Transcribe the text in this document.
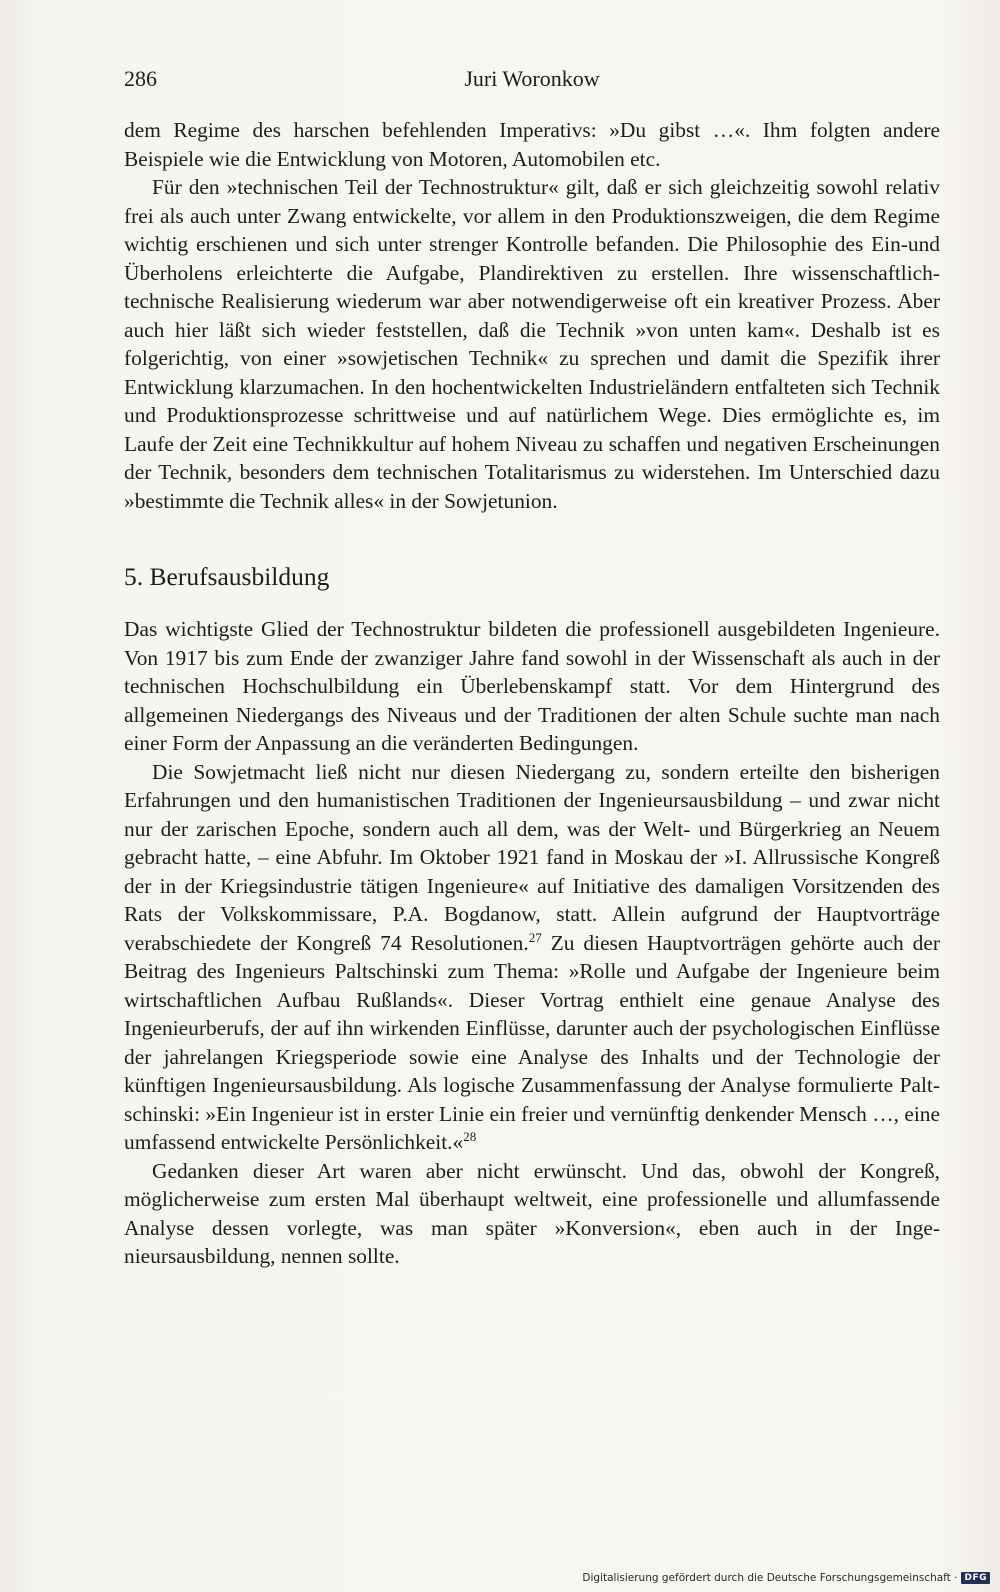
286	Juri Woronkow

dem Regime des harschen befehlenden Imperativs: »Du gibst …«. Ihm folgten andere Beispiele wie die Entwicklung von Motoren, Automobilen etc.

Für den »technischen Teil der Technostruktur« gilt, daß er sich gleichzeitig sowohl relativ frei als auch unter Zwang entwickelte, vor allem in den Produktionszweigen, die dem Regime wichtig erschienen und sich unter strenger Kontrolle befanden. Die Philosophie des Ein-und Überholens erleichterte die Aufgabe, Plandirektiven zu erstellen. Ihre wissenschaftlich-technische Realisierung wiederum war aber notwendigerweise oft ein kreativer Prozess. Aber auch hier läßt sich wieder feststellen, daß die Technik »von unten kam«. Deshalb ist es folgerichtig, von einer »sowjetischen Technik« zu sprechen und damit die Spezifik ihrer Entwicklung klarzumachen. In den hochentwickelten Industrieländern entfalteten sich Technik und Produktionsprozesse schrittweise und auf natürlichem Wege. Dies ermöglichte es, im Laufe der Zeit eine Technikkultur auf hohem Niveau zu schaffen und negativen Erscheinungen der Technik, besonders dem technischen Totalitarismus zu widerstehen. Im Unterschied dazu »bestimmte die Technik alles« in der Sowjetunion.

5. Berufsausbildung

Das wichtigste Glied der Technostruktur bildeten die professionell ausgebildeten Ingenieure. Von 1917 bis zum Ende der zwanziger Jahre fand sowohl in der Wissenschaft als auch in der technischen Hochschulbildung ein Überlebenskampf statt. Vor dem Hintergrund des allgemeinen Niedergangs des Niveaus und der Traditionen der alten Schule suchte man nach einer Form der Anpassung an die veränderten Bedingungen.

Die Sowjetmacht ließ nicht nur diesen Niedergang zu, sondern erteilte den bisherigen Erfahrungen und den humanistischen Traditionen der Ingenieursausbildung – und zwar nicht nur der zarischen Epoche, sondern auch all dem, was der Welt- und Bürgerkrieg an Neuem gebracht hatte, – eine Abfuhr. Im Oktober 1921 fand in Moskau der »I. Allrussische Kongreß der in der Kriegsindustrie tätigen Ingenieure« auf Initiative des damaligen Vorsitzenden des Rats der Volkskommissare, P.A. Bogdanow, statt. Allein aufgrund der Hauptvorträge verabschiedete der Kongreß 74 Resolutionen.$^{27}$ Zu diesen Hauptvorträgen gehörte auch der Beitrag des Ingenieurs Paltschinski zum Thema: »Rolle und Aufgabe der Ingenieure beim wirtschaftlichen Aufbau Rußlands«. Dieser Vortrag enthielt eine genaue Analyse des Ingenieurberufs, der auf ihn wirkenden Einflüsse, darunter auch der psychologischen Einflüsse der jahrelangen Kriegsperiode sowie eine Analyse des Inhalts und der Technologie der künftigen Ingenieursausbildung. Als logische Zusammenfassung der Analyse formulierte Paltschinski: »Ein Ingenieur ist in erster Linie ein freier und vernünftig denkender Mensch …, eine umfassend entwickelte Persönlichkeit.«$^{28}$

Gedanken dieser Art waren aber nicht erwünscht. Und das, obwohl der Kongreß, möglicherweise zum ersten Mal überhaupt weltweit, eine professionelle und allumfassende Analyse dessen vorlegte, was man später »Konversion«, eben auch in der Ingenieursausbildung, nennen sollte.

Digitalisierung gefördert durch die Deutsche Forschungsgemeinschaft · DFG
